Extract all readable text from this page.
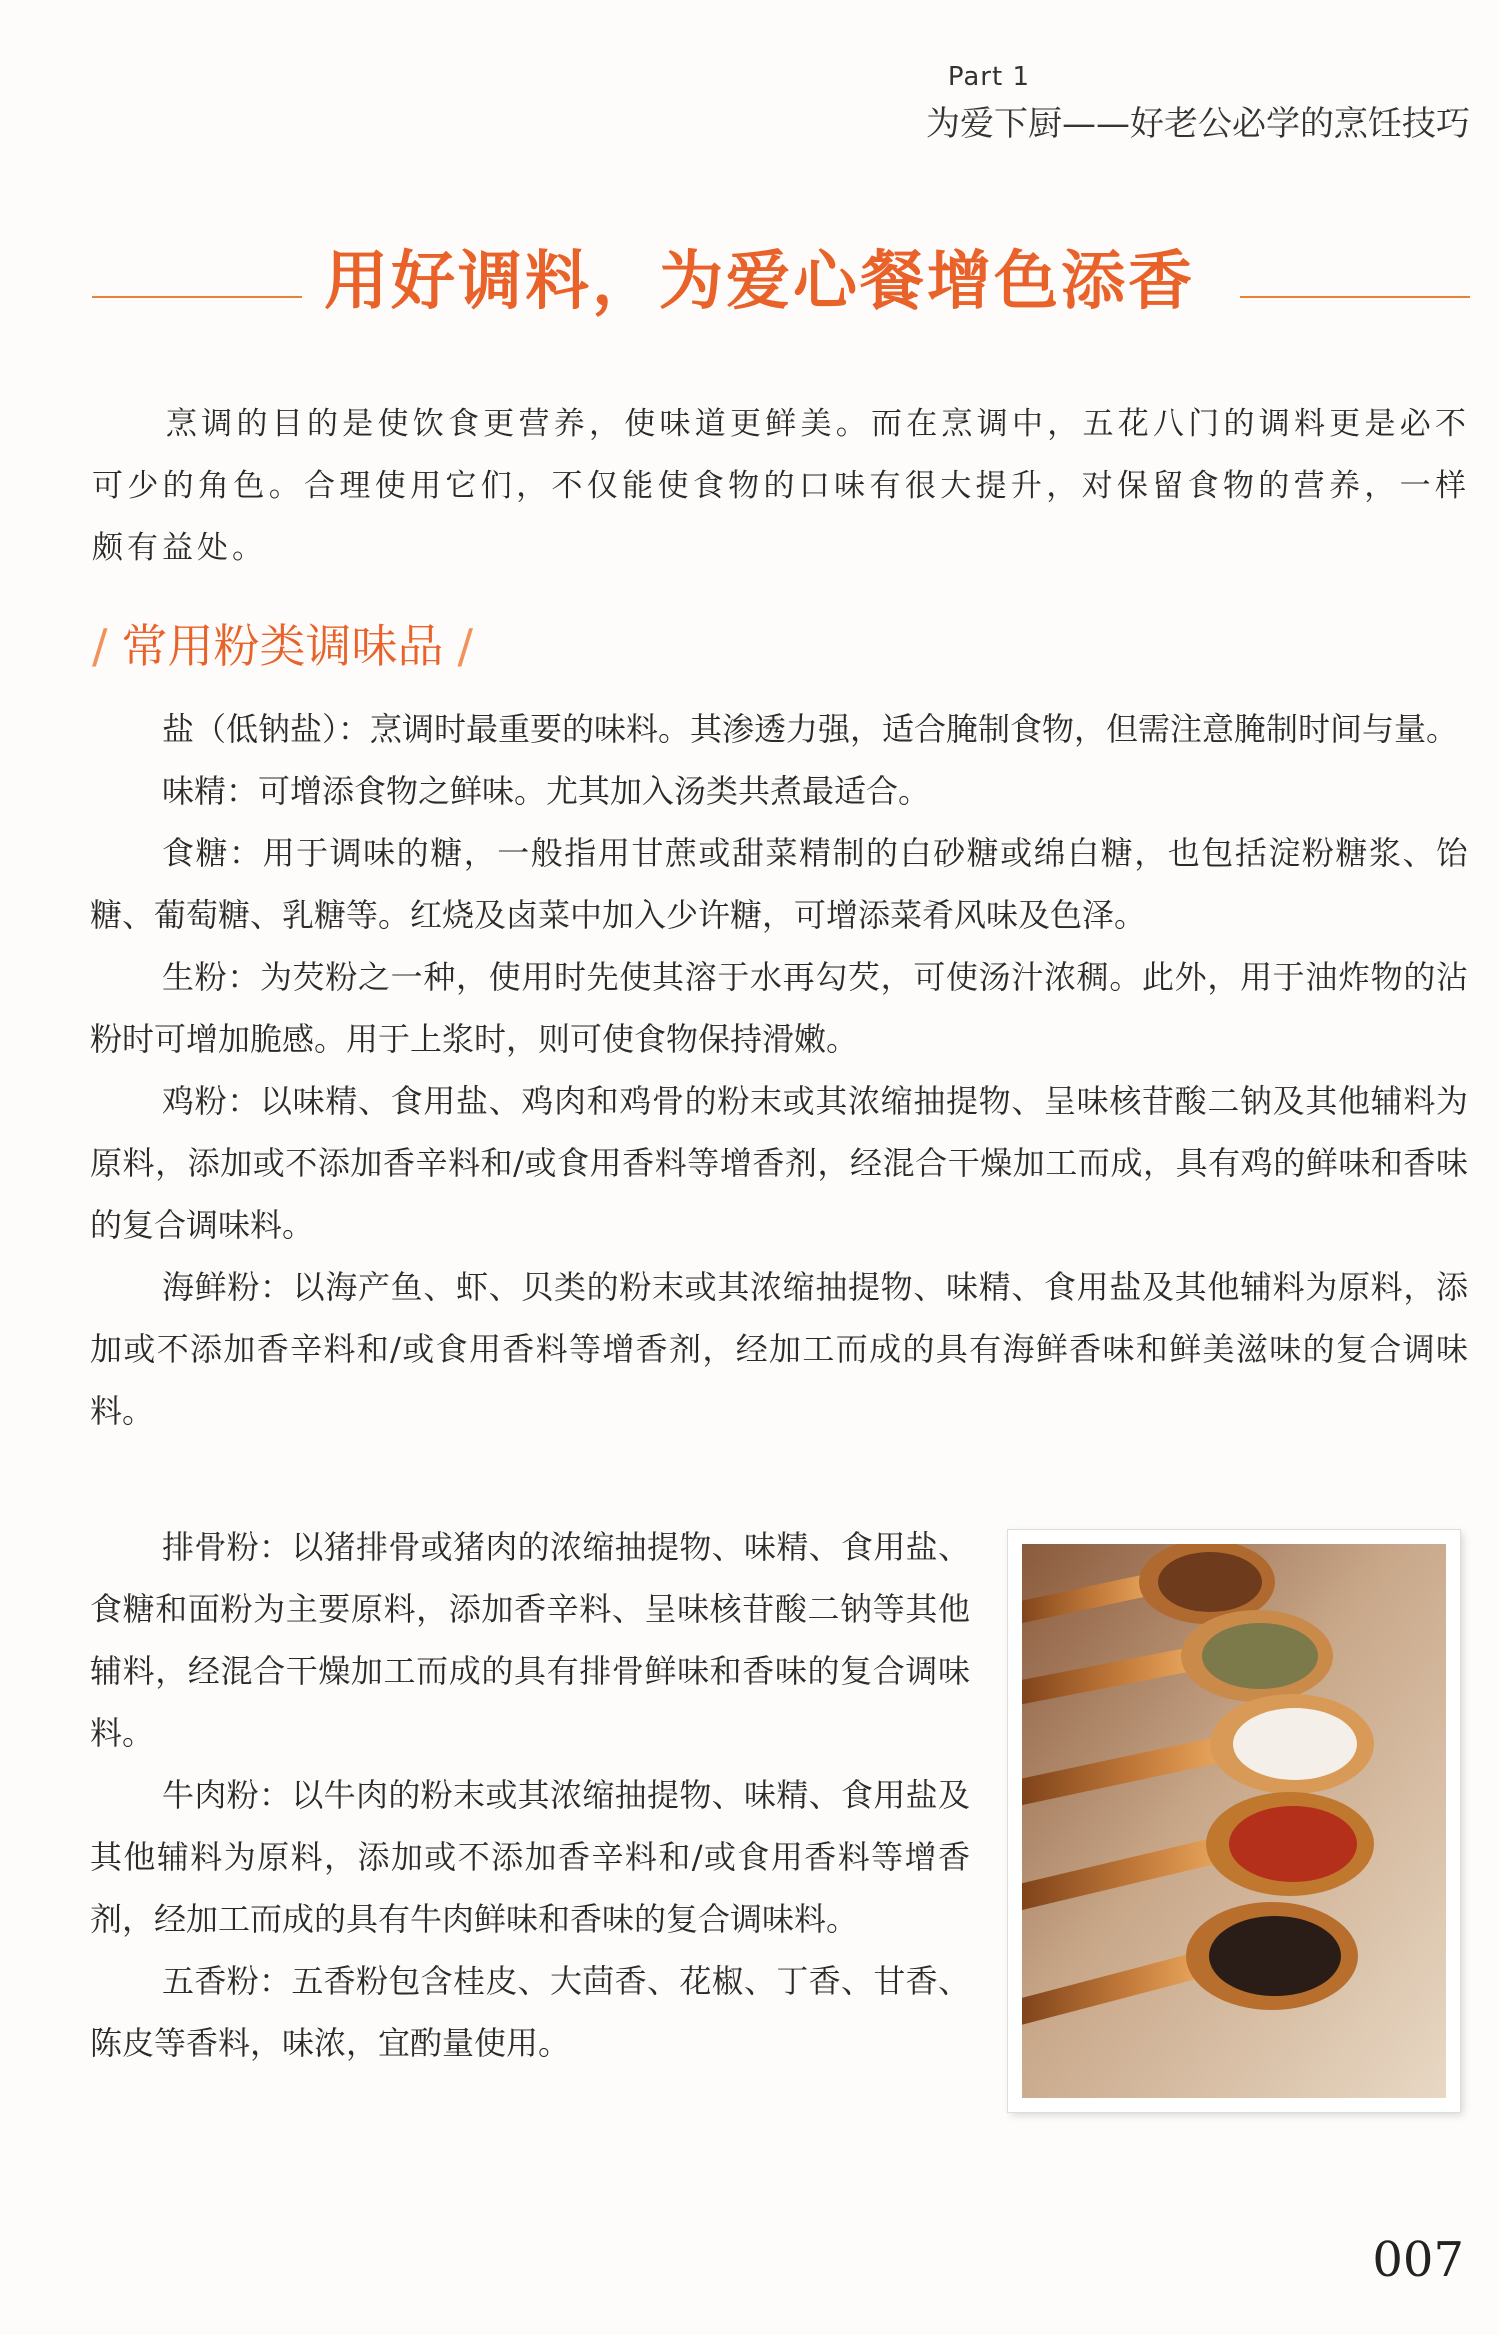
Part 1
为爱下厨——好老公必学的烹饪技巧
用好调料，为爱心餐增色添香

烹调的目的是使饮食更营养，使味道更鲜美。而在烹调中，五花八门的调料更是必不可少的角色。合理使用它们，不仅能使食物的口味有很大提升，对保留食物的营养，一样颇有益处。

/ 常用粉类调味品 /

盐（低钠盐）：烹调时最重要的味料。其渗透力强，适合腌制食物，但需注意腌制时间与量。

味精：可增添食物之鲜味。尤其加入汤类共煮最适合。

食糖：用于调味的糖，一般指用甘蔗或甜菜精制的白砂糖或绵白糖，也包括淀粉糖浆、饴糖、葡萄糖、乳糖等。红烧及卤菜中加入少许糖，可增添菜肴风味及色泽。

生粉：为芡粉之一种，使用时先使其溶于水再勾芡，可使汤汁浓稠。此外，用于油炸物的沾粉时可增加脆感。用于上浆时，则可使食物保持滑嫩。

鸡粉：以味精、食用盐、鸡肉和鸡骨的粉末或其浓缩抽提物、呈味核苷酸二钠及其他辅料为原料，添加或不添加香辛料和/或食用香料等增香剂，经混合干燥加工而成，具有鸡的鲜味和香味的复合调味料。

海鲜粉：以海产鱼、虾、贝类的粉末或其浓缩抽提物、味精、食用盐及其他辅料为原料，添加或不添加香辛料和/或食用香料等增香剂，经加工而成的具有海鲜香味和鲜美滋味的复合调味料。

排骨粉：以猪排骨或猪肉的浓缩抽提物、味精、食用盐、食糖和面粉为主要原料，添加香辛料、呈味核苷酸二钠等其他辅料，经混合干燥加工而成的具有排骨鲜味和香味的复合调味料。

牛肉粉：以牛肉的粉末或其浓缩抽提物、味精、食用盐及其他辅料为原料，添加或不添加香辛料和/或食用香料等增香剂，经加工而成的具有牛肉鲜味和香味的复合调味料。

五香粉：五香粉包含桂皮、大茴香、花椒、丁香、甘香、陈皮等香料，味浓，宜酌量使用。

007
